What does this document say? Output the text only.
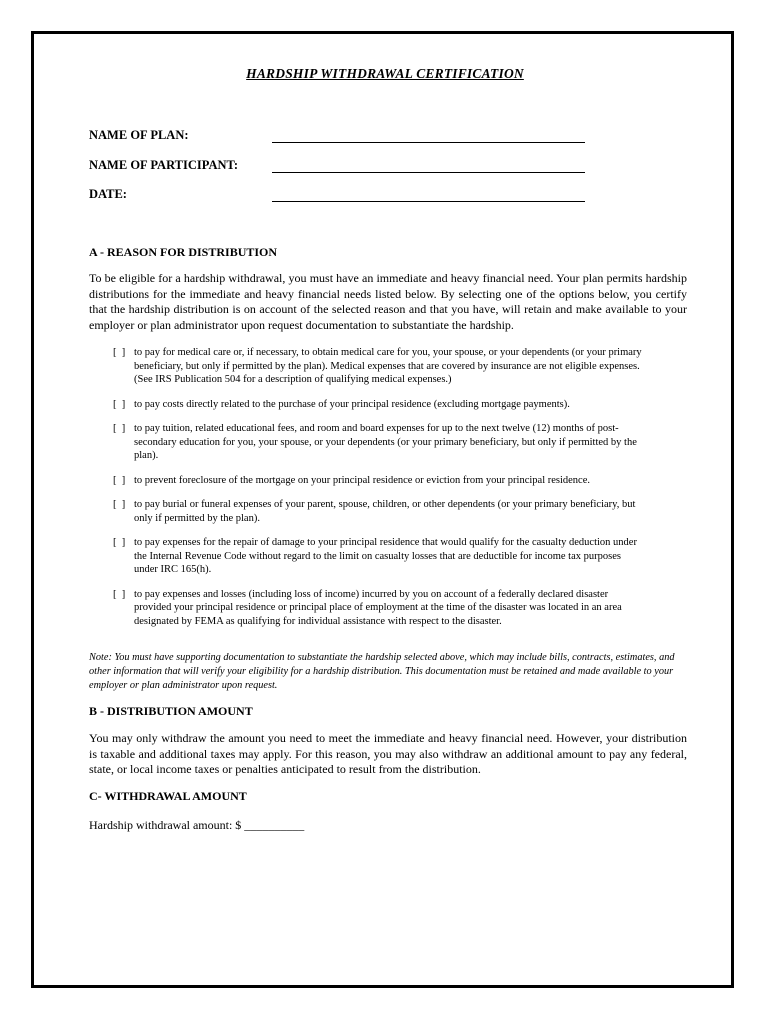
HARDSHIP WITHDRAWAL CERTIFICATION
NAME OF PLAN:
NAME OF PARTICIPANT:
DATE:
A - REASON FOR DISTRIBUTION
To be eligible for a hardship withdrawal, you must have an immediate and heavy financial need. Your plan permits hardship distributions for the immediate and heavy financial needs listed below. By selecting one of the options below, you certify that the hardship distribution is on account of the selected reason and that you have, will retain and make available to your employer or plan administrator upon request documentation to substantiate the hardship.
[  ] to pay for medical care or, if necessary, to obtain medical care for you, your spouse, or your dependents (or your primary beneficiary, but only if permitted by the plan). Medical expenses that are covered by insurance are not eligible expenses. (See IRS Publication 504 for a description of qualifying medical expenses.)
[  ] to pay costs directly related to the purchase of your principal residence (excluding mortgage payments).
[  ] to pay tuition, related educational fees, and room and board expenses for up to the next twelve (12) months of post-secondary education for you, your spouse, or your dependents (or your primary beneficiary, but only if permitted by the plan).
[  ] to prevent foreclosure of the mortgage on your principal residence or eviction from your principal residence.
[  ] to pay burial or funeral expenses of your parent, spouse, children, or other dependents (or your primary beneficiary, but only if permitted by the plan).
[  ] to pay expenses for the repair of damage to your principal residence that would qualify for the casualty deduction under the Internal Revenue Code without regard to the limit on casualty losses that are deductible for income tax purposes under IRC 165(h).
[  ] to pay expenses and losses (including loss of income) incurred by you on account of a federally declared disaster provided your principal residence or principal place of employment at the time of the disaster was located in an area designated by FEMA as qualifying for individual assistance with respect to the disaster.
Note: You must have supporting documentation to substantiate the hardship selected above, which may include bills, contracts, estimates, and other information that will verify your eligibility for a hardship distribution. This documentation must be retained and made available to your employer or plan administrator upon request.
B - DISTRIBUTION AMOUNT
You may only withdraw the amount you need to meet the immediate and heavy financial need. However, your distribution is taxable and additional taxes may apply. For this reason, you may also withdraw an additional amount to pay any federal, state, or local income taxes or penalties anticipated to result from the distribution.
C- WITHDRAWAL AMOUNT
Hardship withdrawal amount: $ __________
